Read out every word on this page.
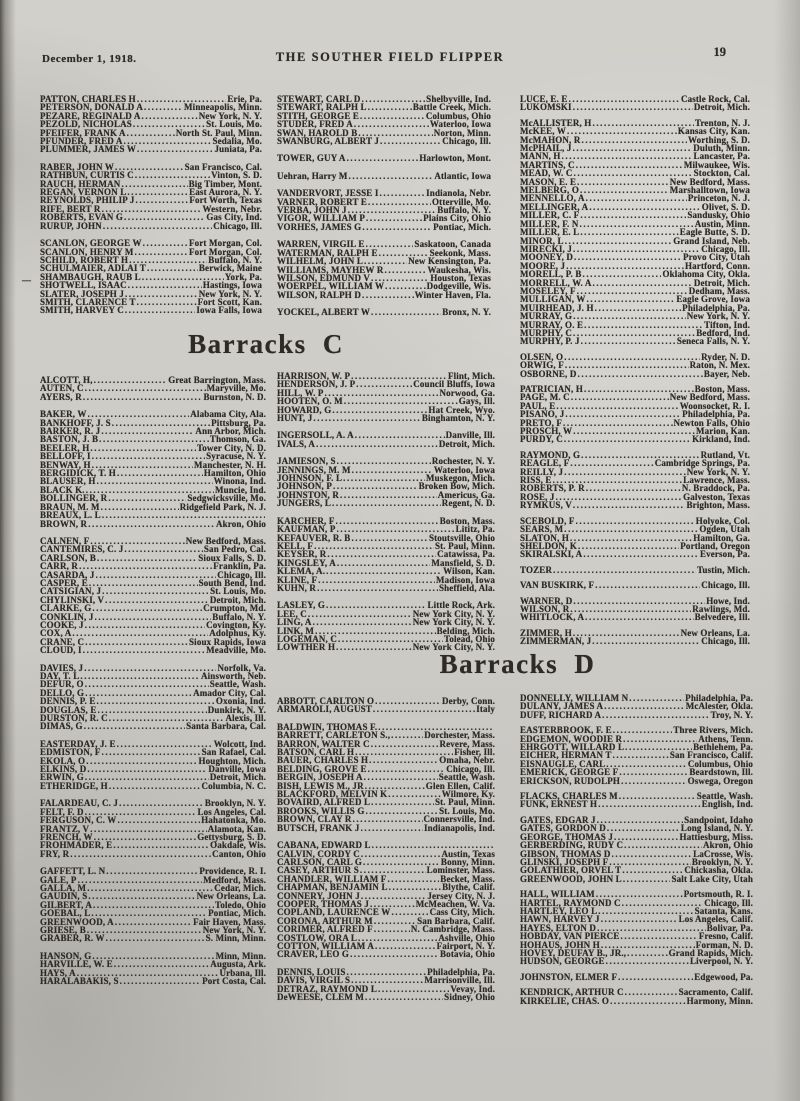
December 1, 1918.	THE SOUTHER FIELD FLIPPER	19
Barracks C
Barracks D
PATTON, CHARLES H .....	Erie, Pa.
PETERSON, DONALD A .....	Minneapolis, Minn.
PEZARE, REGINALD A .....	New York, N. Y.
PEZOLD, NICHOLAS .....	St. Louis, Mo.
PFEIFER, FRANK A .....	North St. Paul, Minn.
PFUNDER, FRED A .....	Sedalia, Mo.
PLUMMER, JAMES W .....	Juniata, Pa.
RABER, JOHN W .....	San Francisco, Cal.
RATHBUN, CURTIS C .....	Vinton, S. D.
RAUCH, HERMAN .....	Big Timber, Mont.
REGAN, VERNON L .....	East Aurora, N. Y.
REYNOLDS, PHILIP J .....	Fort Worth, Texas
RIFE, BERT R .....	Western, Nebr.
ROBERTS, EVAN G .....	Gas City, Ind.
RURUP, JOHN .....	Chicago, Ill.
SCANLON, GEORGE W .....	Fort Morgan, Col.
SCANLON, HENRY M .....	Fort Morgan, Col.
SCHILD, ROBERT H .....	Buffalo, N. Y.
SCHULMAIER, ADLAI T .....	Berwick, Maine
SHAMBAUGH, RAUB L .....	York, Pa.
SHOTWELL, ISAAC .....	Hastings, Iowa
SLATER, JOSEPH J .....	New York, N. Y.
SMITH, CLARENCE T .....	Fort Scott, Kan.
SMITH, HARVEY C .....	Iowa Falls, Iowa
STEWART, CARL D .....	Shelbyville, Ind.
STEWART, RALPH L .....	Battle Creek, Mich.
STITH, GEORGE E .....	Columbus, Ohio
STUDER, FRED A .....	Waterloo, Iowa
SWAN, HAROLD B .....	Norton, Minn.
SWANBURG, ALBERT J .....	Chicago, Ill.
TOWER, GUY A .....	Harlowton, Mont.
Uehran, Harry M .....	Atlantic, Iowa
VANDERVORT, JESSE I .....	Indianola, Nebr.
VARNER, ROBERT E .....	Otterville, Mo.
VERBA, JOHN J .....	Buffalo, N. Y.
VIGOR, WILLIAM P .....	Plains City, Ohio
VORHES, JAMES G .....	Pontiac, Mich.
WARREN, VIRGIL E .....	Saskatoon, Canada
WATERMAN, RALPH E .....	Seekonk, Mass.
WILHELM, JOHN L .....	New Kensington, Pa.
WILLIAMS, MAYHEW R .....	Waukesha, Wis.
WILSON, EDMUND V .....	Houston, Texas
WOERPEL, WILLIAM W .....	Dodgeville, Wis.
WILSON, RALPH D .....	Winter Haven, Fla.
YOCKEL, ALBERT W .....	Bronx, N. Y.
ALCOTT, H, .....	Great Barrington, Mass.
AUTEN, C .....	Maryville, Mo.
AYERS, R .....	Burnston, N. D.
BAKER, W .....	Alabama City, Ala.
BANKHOFF, J. S .....	Pittsburg, Pa.
BARKER, R. J .....	Ann Arbor, Mich.
BASTON, J. B .....	Thomson, Ga.
BEELER, H .....	Tower City, N. D.
BELLOFF, I .....	Syracuse, N. Y.
BENWAY, H .....	Manchester, N. H.
BERGIDICK, T. H .....	Hamilton, Ohio
BLAUSER, H .....	Winona, Ind.
BLACK K. .....	Muncie, Ind.
BOLLINGER, R .....	Sedgwicksville, Mo.
BRAUN, M. M .....	Ridgefield Park, N. J.
BREAUX, L. L
.....
BROWN, R .....	Akron, Ohio
CALNEN, F .....	New Bedford, Mass.
CANTEMIRES, C. J .....	San Pedro, Cal.
CARLSON, B .....	Sioux Falls, S. D.
CARR, R .....	Franklin, Pa.
CASARDA, J .....	Chicago, Ill.
CASPER, E .....	South Bend, Ind.
CATSIGIAN, J .....	St. Louis, Mo.
CHYLINSKI, V .....	Detroit, Mich.
CLARKE, G .....	Crumpton, Md.
CONKLIN, J .....	Buffalo, N. Y.
COOKE, J .....	Covington, Ky.
COX, A .....	Adolphus, Ky.
CRANE, C .....	Sioux Rapids, Iowa
CLOUD, I .....	Meadville, Mo.
DAVIES, J .....	Norfolk, Va.
DAY, T. L .....	Ainsworth, Neb.
DEFUR, O .....	Seattle, Wash.
DELLO, G .....	Amador City, Cal.
DENNIS, P. E .....	Oxonia, Ind.
DOUGLAS, E .....	Dunkirk, N. Y.
DURSTON, R. C .....	Alexis, Ill.
DIMAS, G .....	Santa Barbara, Cal.
EASTERDAY, J. E .....	Wolcott, Ind.
EDMISTON, F .....	San Rafael, Cal.
EKOLA, O .....	Houghton, Mich.
ELKINS, D .....	Danville, Iowa
ERWIN, G .....	Detroit, Mich.
ETHERIDGE, H .....	Columbia, N. C.
FALARDEAU, C. J .....	Brooklyn, N. Y.
FELT, F. D .....	Los Angeles, Cal.
FERGUSON, C. W .....	Hahatonka, Mo.
FRANTZ, V .....	Alamota, Kan.
FRENCH, W .....	Gettysburg, S. D.
FROHMADER, E .....	Oakdale, Wis.
FRY, R .....	Canton, Ohio
GAFFETT, L. N .....	Providence, R. I.
GALE, P .....	Medford, Mass.
GALLA, M .....	Cedar, Mich.
GAUDIN, S .....	New Orleans, La.
GILBERT, A .....	Toledo, Ohio
GOEBAL, L .....	Pontiac, Mich.
GREENWOOD, A .....	Fair Haven, Mass.
GRIESE, B .....	New York, N. Y.
GRABER, R. W .....	S. Minn, Minn.
HANSON, G .....	Minn, Minn.
HARVILLE, W. E .....	Augusta, Ark.
HAYS, A .....	Urbana, Ill.
HARALABAKIS, S .....	Port Costa, Cal.
HARRISON, W. P .....	Flint, Mich.
HENDERSON, J. P .....	Council Bluffs, Iowa
HILL, W. P .....	Norwood, Ga.
HOOTEN, O. M .....	Gays, Ill.
HOWARD, G .....	Hat Creek, Wyo.
HUNT, J .....	Binghamton, N. Y.
INGERSOLL, A. A .....	Danville, Ill.
IVALS, A .....	Detroit, Mich.
JAMIESON, S .....	Rochester, N. Y.
JENNINGS, M. M .....	Waterloo, Iowa
JOHNSON, F. L .....	Muskegon, Mich.
JOHNSON, P .....	Broken Bow, Mich.
JOHNSTON, R .....	Americus, Ga.
JUNGERS, L .....	Regent, N. D.
KARCHER, F .....	Boston, Mass.
KAUFMAN, P .....	Lititz, Pa.
KEFAUVER, R. B .....	Stoutsville, Ohio
KELL, F .....	St. Paul, Minn.
KEYSER, R .....	Catawissa, Pa.
KINGSLEY, A .....	Mansfield, S. D.
KLEMA, A. .....	Wilson, Kan.
KLINE, F .....	Madison, Iowa
KUHN, R .....	Sheffield, Ala.
LASLEY, G .....	Little Rock, Ark.
LEE, C .....	New York City, N. Y.
LING, A .....	New York City, N. Y.
LINK, M .....	Belding, Mich.
LOGEMAN, C .....	Tolead, Ohio
LOWTHER H .....	New York City, N. Y.
LUCE, E. E .....	Castle Rock, Cal.
LUKOMSKI .....	Detroit, Mich.
McALLISTER, H .....	Trenton, N. J.
McKEE, W .....	Kansas City, Kan.
McMAHON, R .....	Worthing, S. D.
McPHAIL, J .....	Duluth, Minn.
MANN, H .....	Lancaster, Pa.
MARTINS, C .....	Milwaukee, Wis.
MEAD, W. C .....	Stockton, Cal.
MASON, E. E .....	New Bedford, Mass.
MELBERG, O .....	Marshalltown, Iowa
MENNELLO, A .....	Princeton, N. J.
MELLINGER, A .....	Olivet, S. D.
MILLER, C. F .....	Sandusky, Ohio
MILLER, F. N .....	Austin, Minn.
MILLER, E. L .....	Eagle Butte, S. D.
MINOR, L .....	Grand Island, Neb.
MIRECKI, J .....	Chicago, Ill.
MOONEY, D .....	Provo City, Utah
MOORE, J .....	Hartford, Conn.
MORELL, P. B .....	Oklahoma City, Okla.
MORRELL, W. A .....	Detroit, Mich.
MOSELEY, F .....	Dedham, Mass.
MULLIGAN, W .....	Eagle Grove, Iowa
MUIRHEAD, J. H .....	Philadelphia, Pa.
MURRAY, G .....	New York, N. Y.
MURRAY, O. E .....	Tifton, Ind.
MURPHY, C .....	Bedford, Ind.
MURPHY, P. J .....	Seneca Falls, N. Y.
OLSEN, O .....	Ryder, N. D.
ORWIG, F .....	Raton, N. Mex.
OSBORNE, D .....	Bayer, Neb.
PATRICIAN, H .....	Boston, Mass.
PAGE, M. C .....	New Bedford, Mass.
PAUL, E .....	Woonsocket, R. I.
PISANO, J .....	Philadelphia, Pa.
PRETO, F .....	Newton Falls, Ohio
PROSCH, W .....	Marion, Kan.
PURDY, C .....	Kirkland, Ind.
RAYMOND, G .....	Rutland, Vt.
REAGLE, F .....	Cambridge Springs, Pa.
REILLY, J .....	New York, N. Y.
RISS, E .....	Lawrence, Mass.
ROBERTS, P. R .....	N. Braddock, Pa.
ROSE, J .....	Galveston, Texas
RYMKUS, V .....	Brighton, Mass.
SCEBOLD, F .....	Holyoke, Col.
SEARS, M .....	Ogden, Utah
SLATON, H .....	Hamilton, Ga.
SHELDON, K .....	Portland, Oregon
SKIRALSKI, A .....	Everson, Pa.
TOZER .....	Tustin, Mich.
VAN BUSKIRK, F .....	Chicago, Ill.
WARNER, D .....	Howe, Ind.
WILSON, R .....	Rawlings, Md.
WHITLOCK, A .....	Belvedere, Ill.
ZIMMER, H .....	New Orleans, La.
ZIMMERMAN, J .....	Chicago, Ill.
ABBOTT, CARLTON O .....	Derby, Conn.
ARMAROLI, AUGUST .....	Italy
BALDWIN, THOMAS F.
.....
BARRETT, CARLETON S., .....	Dorchester, Mass.
BARRON, WALTER C .....	Revere, Mass.
BATSON, CARL H .....	Fisher, Ill.
BAUER, CHARLES H .....	Omaha, Nebr.
BELDING, GROVE E .....	Chicago, Ill.
BERGIN, JOSEPH A .....	Seattle, Wash.
BISH, LEWIS M., JR .....	Glen Ellen, Calif.
BLACKFORD, MELVIN K .....	Wilmore, Ky.
BOVAIRD, ALFRED L .....	St. Paul, Minn.
BROOKS, WILLIS G .....	St. Louis, Mo.
BROWN, CLAY R .....	Connersville, Ind.
BUTSCH, FRANK J .....	Indianapolis, Ind.
CABANA, EDWARD L
.....
CALVIN, CORDY C .....	Austin, Texas
CARLSON, CARL G .....	Bonny, Minn.
CASEY, ARTHUR S .....	Lominster, Mass.
CHANDLER, WILLIAM F .....	Becket, Mass.
CHAPMAN, BENJAMIN L .....	Blythe, Calif.
CONNERY, JOHN J .....	Jersey City, N. J.
COOPER, THOMAS J .....	McMeachen, W. Va.
COPLAND, LAURENCE W .....	Cass City, Mich.
CORONA, ARTHUR M .....	San Barbara, Calif.
CORIMER, ALFRED F .....	N. Cambridge, Mass.
COSTLOW, ORA L .....	Ashville, Ohio
COTTON, WILLIAM A .....	Fairport, N. Y.
CRAVER, LEO G .....	Botavia, Ohio
DENNIS, LOUIS .....	Philadelphia, Pa.
DAVIS, VIRGIL S .....	Marrisonville, Ill.
DETRAZ, RAYMOND L .....	Vevay, Ind.
DeWEESE, CLEM M .....	Sidney, Ohio
DONNELLY, WILLIAM N .....	Philadelphia, Pa.
DULANY, JAMES A .....	McAlester, Okla.
DUFF, RICHARD A .....	Troy, N. Y.
EASTERBROOK, F. E .....	Three Rivers, Mich.
EDGEMON, WOODIE R .....	Athens, Tenn.
EHRGOTT, WILLARD L .....	Bethlehem, Pa.
EICHER, HERMAN T .....	San Francisco, Calif.
EISNAUGLE, CARL .....	Columbus, Ohio
EMERICK, GEORGE F .....	Beardstown, Ill.
ERICKSON, RUDOLPH .....	Oswega, Oregon
FLACKS, CHARLES M .....	Seattle, Wash.
FUNK, ERNEST H .....	English, Ind.
GATES, EDGAR J .....	Sandpoint, Idaho
GATES, GORDON D .....	Long Island, N. Y.
GEORGE, THOMAS J .....	Hattiesburg, Miss.
GERBERDING, RUDY C .....	Akron, Ohio
GIBSON, THOMAS D .....	LaCrosse, Wis.
GLINSKI, JOSEPH F .....	Brooklyn, N. Y.
GOLATHIER, ORVEL T .....	Chickasha, Okla.
GREENWOOD, JOHN L .....	Salt Lake City, Utah
HALL, WILLIAM .....	Portsmouth, R. I.
HARTEL, RAYMOND C .....	Chicago, Ill.
HARTLEY, LEO L .....	Satanta, Kans.
HAWN, HARVEY J .....	Los Angeles, Calif.
HAYES, ELTON D .....	Bolivar, Pa.
HOBDAY, VAN PIERCE .....	Fresno, Calif.
HOHAUS, JOHN H .....	Forman, N. D.
HOVEY, DEUFAY B., JR., .....	Grand Rapids, Mich.
HUDSON, GEORGE .....	Liverpool, N. Y.
JOHNSTON, ELMER F .....	Edgewood, Pa.
KENDRICK, ARTHUR C .....	Sacramento, Calif.
KIRKELIE, CHAS. O .....	Harmony, Minn.
—
